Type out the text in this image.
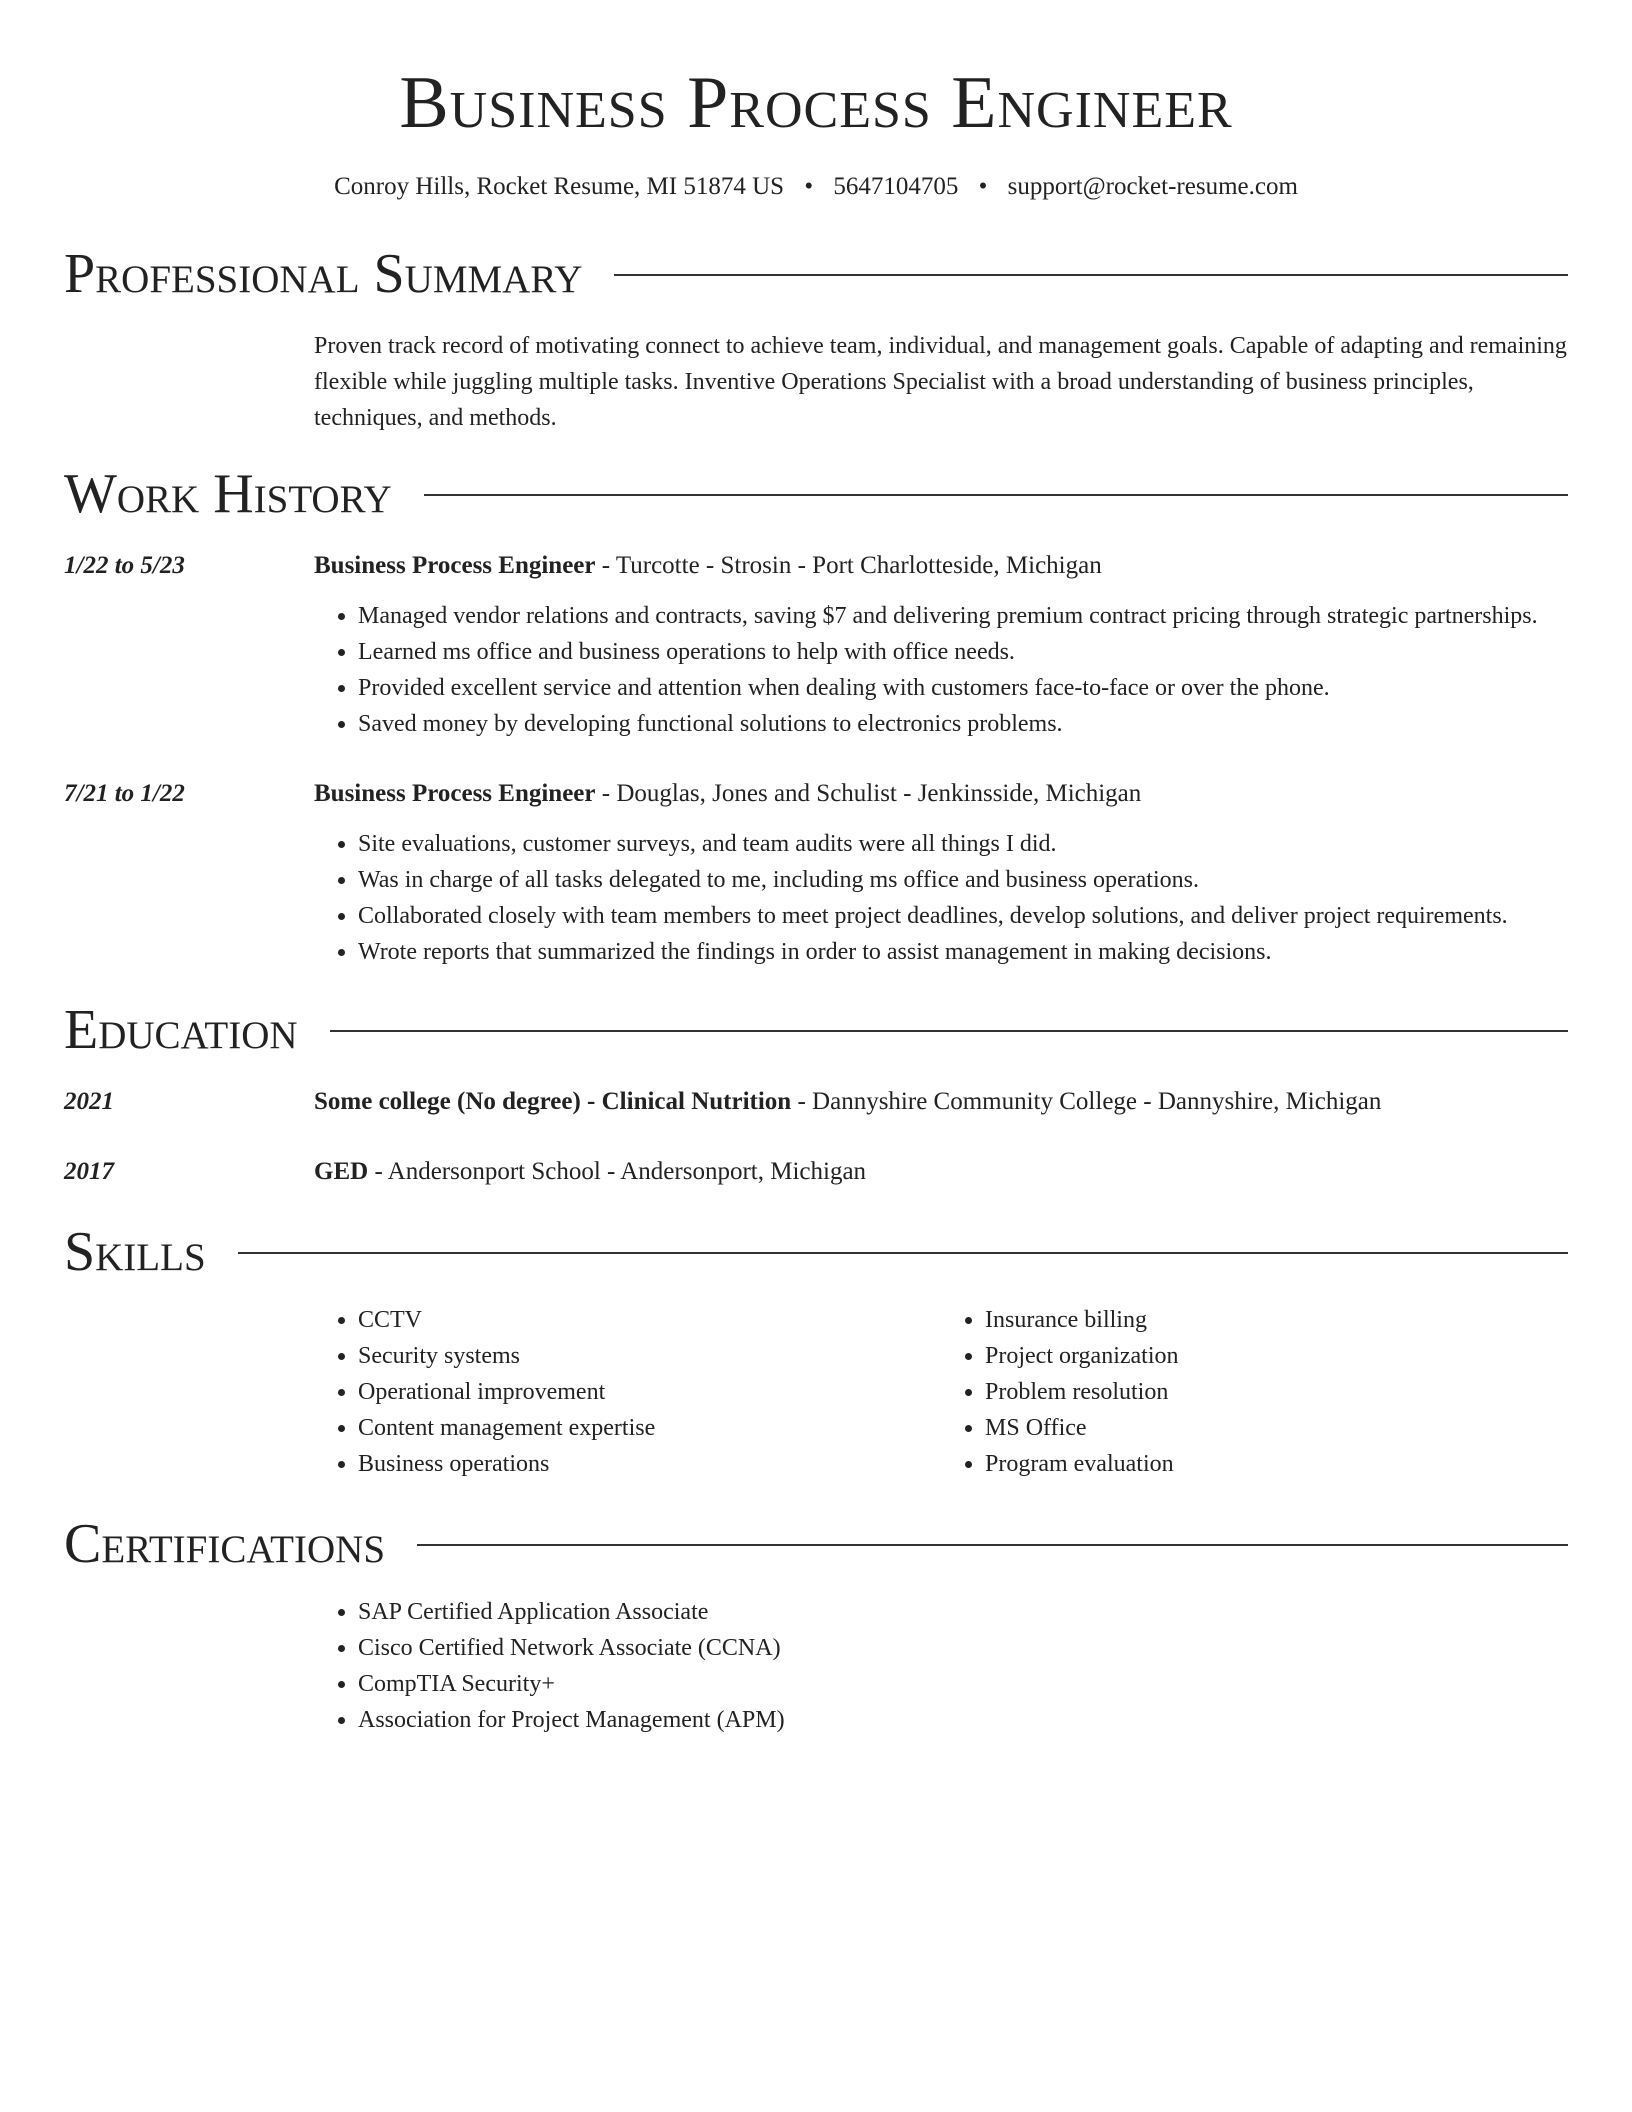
Business Process Engineer
Conroy Hills, Rocket Resume, MI 51874 US • 5647104705 • support@rocket-resume.com
Professional Summary
Proven track record of motivating connect to achieve team, individual, and management goals. Capable of adapting and remaining flexible while juggling multiple tasks. Inventive Operations Specialist with a broad understanding of business principles, techniques, and methods.
Work History
1/22 to 5/23	Business Process Engineer - Turcotte - Strosin - Port Charlotteside, Michigan
• Managed vendor relations and contracts, saving $7 and delivering premium contract pricing through strategic partnerships.
• Learned ms office and business operations to help with office needs.
• Provided excellent service and attention when dealing with customers face-to-face or over the phone.
• Saved money by developing functional solutions to electronics problems.
7/21 to 1/22	Business Process Engineer - Douglas, Jones and Schulist - Jenkinsside, Michigan
• Site evaluations, customer surveys, and team audits were all things I did.
• Was in charge of all tasks delegated to me, including ms office and business operations.
• Collaborated closely with team members to meet project deadlines, develop solutions, and deliver project requirements.
• Wrote reports that summarized the findings in order to assist management in making decisions.
Education
2021	Some college (No degree) - Clinical Nutrition - Dannyshire Community College - Dannyshire, Michigan
2017	GED - Andersonport School - Andersonport, Michigan
Skills
• CCTV
• Security systems
• Operational improvement
• Content management expertise
• Business operations
• Insurance billing
• Project organization
• Problem resolution
• MS Office
• Program evaluation
Certifications
• SAP Certified Application Associate
• Cisco Certified Network Associate (CCNA)
• CompTIA Security+
• Association for Project Management (APM)
